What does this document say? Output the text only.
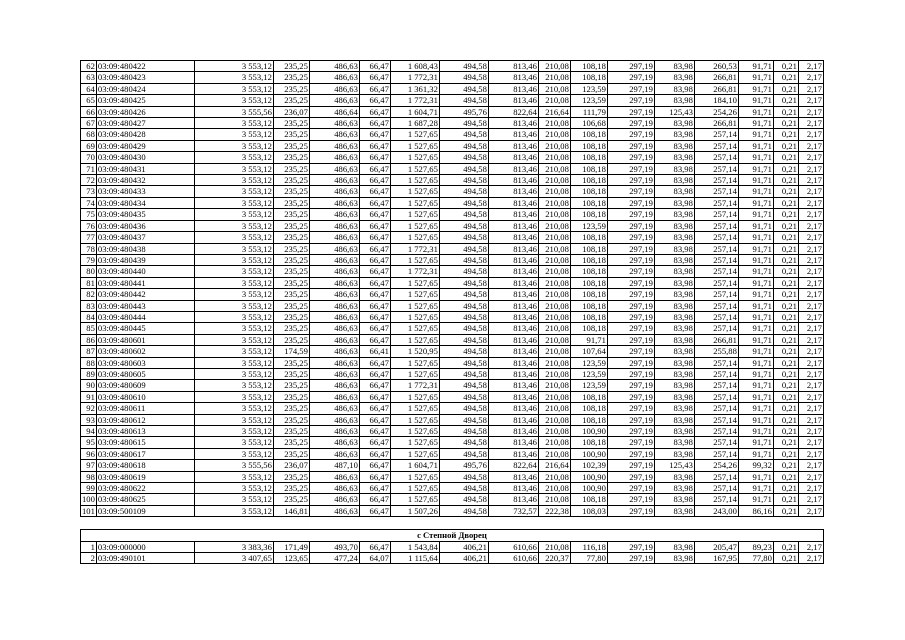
62	03:09:480422	3 553,12	235,25	486,63	66,47	1 608,43	494,58	813,46	210,08	108,18	297,19	83,98	260,53	91,71	0,21	2,17
63	03:09:480423	3 553,12	235,25	486,63	66,47	1 772,31	494,58	813,46	210,08	108,18	297,19	83,98	266,81	91,71	0,21	2,17
64	03:09:480424	3 553,12	235,25	486,63	66,47	1 361,32	494,58	813,46	210,08	123,59	297,19	83,98	266,81	91,71	0,21	2,17
65	03:09:480425	3 553,12	235,25	486,63	66,47	1 772,31	494,58	813,46	210,08	123,59	297,19	83,98	184,10	91,71	0,21	2,17
66	03:09:480426	3 555,56	236,07	486,64	66,47	1 604,71	495,76	822,64	216,64	111,79	297,19	125,43	254,26	91,71	0,21	2,17
67	03:09:480427	3 553,12	235,25	486,63	66,47	1 687,28	494,58	813,46	210,08	106,68	297,19	83,98	266,81	91,71	0,21	2,17
68	03:09:480428	3 553,12	235,25	486,63	66,47	1 527,65	494,58	813,46	210,08	108,18	297,19	83,98	257,14	91,71	0,21	2,17
69	03:09:480429	3 553,12	235,25	486,63	66,47	1 527,65	494,58	813,46	210,08	108,18	297,19	83,98	257,14	91,71	0,21	2,17
70	03:09:480430	3 553,12	235,25	486,63	66,47	1 527,65	494,58	813,46	210,08	108,18	297,19	83,98	257,14	91,71	0,21	2,17
71	03:09:480431	3 553,12	235,25	486,63	66,47	1 527,65	494,58	813,46	210,08	108,18	297,19	83,98	257,14	91,71	0,21	2,17
72	03:09:480432	3 553,12	235,25	486,63	66,47	1 527,65	494,58	813,46	210,08	108,18	297,19	83,98	257,14	91,71	0,21	2,17
73	03:09:480433	3 553,12	235,25	486,63	66,47	1 527,65	494,58	813,46	210,08	108,18	297,19	83,98	257,14	91,71	0,21	2,17
74	03:09:480434	3 553,12	235,25	486,63	66,47	1 527,65	494,58	813,46	210,08	108,18	297,19	83,98	257,14	91,71	0,21	2,17
75	03:09:480435	3 553,12	235,25	486,63	66,47	1 527,65	494,58	813,46	210,08	108,18	297,19	83,98	257,14	91,71	0,21	2,17
76	03:09:480436	3 553,12	235,25	486,63	66,47	1 527,65	494,58	813,46	210,08	123,59	297,19	83,98	257,14	91,71	0,21	2,17
77	03:09:480437	3 553,12	235,25	486,63	66,47	1 527,65	494,58	813,46	210,08	108,18	297,19	83,98	257,14	91,71	0,21	2,17
78	03:09:480438	3 553,12	235,25	486,63	66,47	1 772,31	494,58	813,46	210,08	108,18	297,19	83,98	257,14	91,71	0,21	2,17
79	03:09:480439	3 553,12	235,25	486,63	66,47	1 527,65	494,58	813,46	210,08	108,18	297,19	83,98	257,14	91,71	0,21	2,17
80	03:09:480440	3 553,12	235,25	486,63	66,47	1 772,31	494,58	813,46	210,08	108,18	297,19	83,98	257,14	91,71	0,21	2,17
81	03:09:480441	3 553,12	235,25	486,63	66,47	1 527,65	494,58	813,46	210,08	108,18	297,19	83,98	257,14	91,71	0,21	2,17
82	03:09:480442	3 553,12	235,25	486,63	66,47	1 527,65	494,58	813,46	210,08	108,18	297,19	83,98	257,14	91,71	0,21	2,17
83	03:09:480443	3 553,12	235,25	486,63	66,47	1 527,65	494,58	813,46	210,08	108,18	297,19	83,98	257,14	91,71	0,21	2,17
84	03:09:480444	3 553,12	235,25	486,63	66,47	1 527,65	494,58	813,46	210,08	108,18	297,19	83,98	257,14	91,71	0,21	2,17
85	03:09:480445	3 553,12	235,25	486,63	66,47	1 527,65	494,58	813,46	210,08	108,18	297,19	83,98	257,14	91,71	0,21	2,17
86	03:09:480601	3 553,12	235,25	486,63	66,47	1 527,65	494,58	813,46	210,08	91,71	297,19	83,98	266,81	91,71	0,21	2,17
87	03:09:480602	3 553,12	174,59	486,63	66,41	1 520,95	494,58	813,46	210,08	107,64	297,19	83,98	255,88	91,71	0,21	2,17
88	03:09:480603	3 553,12	235,25	486,63	66,47	1 527,65	494,58	813,46	210,08	123,59	297,19	83,98	257,14	91,71	0,21	2,17
89	03:09:480605	3 553,12	235,25	486,63	66,47	1 527,65	494,58	813,46	210,08	123,59	297,19	83,98	257,14	91,71	0,21	2,17
90	03:09:480609	3 553,12	235,25	486,63	66,47	1 772,31	494,58	813,46	210,08	123,59	297,19	83,98	257,14	91,71	0,21	2,17
91	03:09:480610	3 553,12	235,25	486,63	66,47	1 527,65	494,58	813,46	210,08	108,18	297,19	83,98	257,14	91,71	0,21	2,17
92	03:09:480611	3 553,12	235,25	486,63	66,47	1 527,65	494,58	813,46	210,08	108,18	297,19	83,98	257,14	91,71	0,21	2,17
93	03:09:480612	3 553,12	235,25	486,63	66,47	1 527,65	494,58	813,46	210,08	108,18	297,19	83,98	257,14	91,71	0,21	2,17
94	03:09:480613	3 553,12	235,25	486,63	66,47	1 527,65	494,58	813,46	210,08	100,90	297,19	83,98	257,14	91,71	0,21	2,17
95	03:09:480615	3 553,12	235,25	486,63	66,47	1 527,65	494,58	813,46	210,08	108,18	297,19	83,98	257,14	91,71	0,21	2,17
96	03:09:480617	3 553,12	235,25	486,63	66,47	1 527,65	494,58	813,46	210,08	100,90	297,19	83,98	257,14	91,71	0,21	2,17
97	03:09:480618	3 555,56	236,07	487,10	66,47	1 604,71	495,76	822,64	216,64	102,39	297,19	125,43	254,26	99,32	0,21	2,17
98	03:09:480619	3 553,12	235,25	486,63	66,47	1 527,65	494,58	813,46	210,08	100,90	297,19	83,98	257,14	91,71	0,21	2,17
99	03:09:480622	3 553,12	235,25	486,63	66,47	1 527,65	494,58	813,46	210,08	100,90	297,19	83,98	257,14	91,71	0,21	2,17
100	03:09:480625	3 553,12	235,25	486,63	66,47	1 527,65	494,58	813,46	210,08	108,18	297,19	83,98	257,14	91,71	0,21	2,17
101	03:09:500109	3 553,12	146,81	486,63	66,47	1 507,26	494,58	732,57	222,38	108,03	297,19	83,98	243,00	86,16	0,21	2,17

с Степной Дворец																
1	03:09:000000	3 383,36	171,49	493,70	66,47	1 543,84	406,21	610,66	210,08	116,18	297,19	83,98	205,47	89,23	0,21	2,17
2	03:09:490101	3 407,65	123,65	477,24	64,07	1 115,64	406,21	610,66	220,37	77,80	297,19	83,98	167,95	77,80	0,21	2,17
